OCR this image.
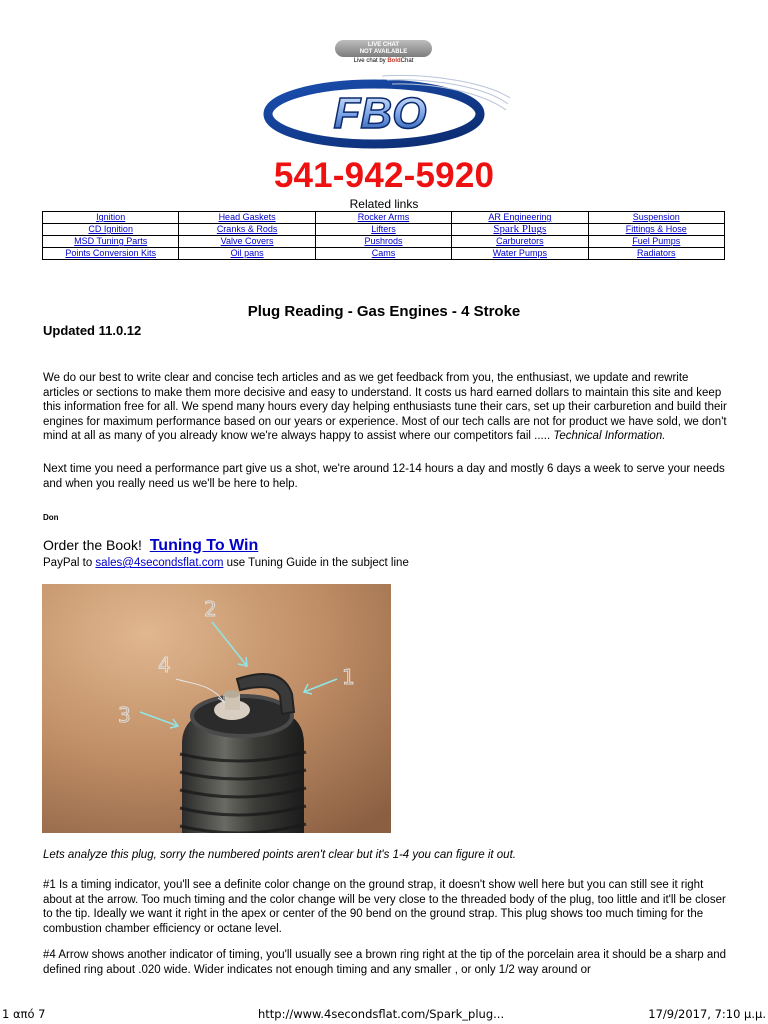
LIVE CHAT
NOT AVAILABLE
Live chat by BoldChat
FBO
541-942-5920
Related links
Ignition	Head Gaskets	Rocker Arms	AR Engineering	Suspension
CD Ignition	Cranks & Rods	Lifters	Spark Plugs	Fittings & Hose
MSD Tuning Parts	Valve Covers	Pushrods	Carburetors	Fuel Pumps
Points Conversion Kits	Oil pans	Cams	Water Pumps	Radiators
Plug Reading - Gas Engines - 4 Stroke
Updated 11.0.12
We do our best to write clear and concise tech articles and as we get feedback from you, the enthusiast, we update and rewrite articles or sections to make them more decisive and easy to understand. It costs us hard earned dollars to maintain this site and keep this information free for all. We spend many hours every day helping enthusiasts tune their cars, set up their carburetion and build their engines for maximum performance based on our years or experience. Most of our tech calls are not for product we have sold, we don't mind at all as many of you already know we're always happy to assist where our competitors fail ..... Technical Information.
Next time you need a performance part give us a shot, we're around 12-14 hours a day and mostly 6 days a week to serve your needs and when you really need us we'll be here to help.
Don
Order the Book! Tuning To Win
PayPal to sales@4secondsflat.com use Tuning Guide in the subject line
2
1
4
3
Lets analyze this plug, sorry the numbered points aren't clear but it's 1-4 you can figure it out.
#1 Is a timing indicator, you'll see a definite color change on the ground strap, it doesn't show well here but you can still see it right about at the arrow. Too much timing and the color change will be very close to the threaded body of the plug, too little and it'll be closer to the tip. Ideally we want it right in the apex or center of the 90 bend on the ground strap. This plug shows too much timing for the combustion chamber efficiency or octane level.
#4 Arrow shows another indicator of timing, you'll usually see a brown ring right at the tip of the porcelain area it should be a sharp and defined ring about .020 wide. Wider indicates not enough timing and any smaller , or only 1/2 way around or
1 από 7	http://www.4secondsflat.com/Spark_plug...	17/9/2017, 7:10 μ.μ.
